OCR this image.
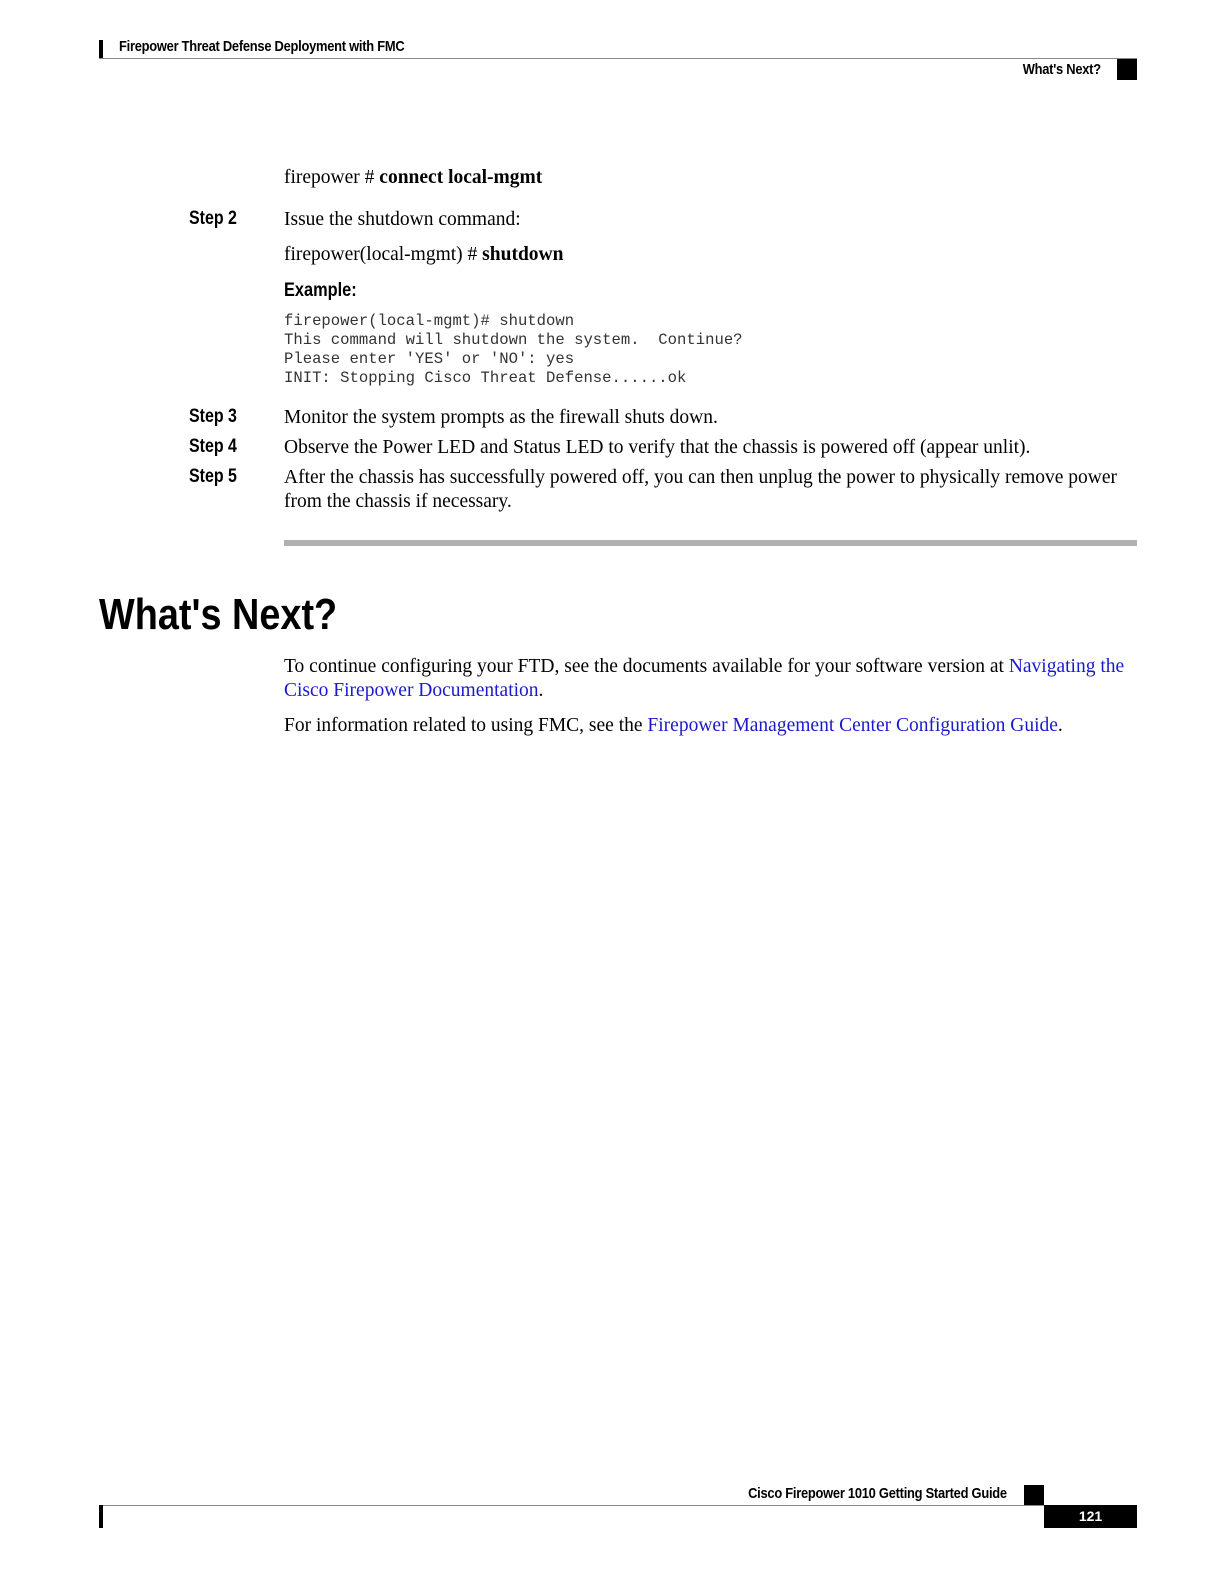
Firepower Threat Defense Deployment with FMC
What's Next?
firepower # connect local-mgmt
Step 2 Issue the shutdown command:
firepower(local-mgmt) # shutdown
Example:
firepower(local-mgmt)# shutdown
This command will shutdown the system.  Continue?
Please enter 'YES' or 'NO': yes
INIT: Stopping Cisco Threat Defense......ok
Step 3 Monitor the system prompts as the firewall shuts down.
Step 4 Observe the Power LED and Status LED to verify that the chassis is powered off (appear unlit).
Step 5 After the chassis has successfully powered off, you can then unplug the power to physically remove power
from the chassis if necessary.
What's Next?
To continue configuring your FTD, see the documents available for your software version at Navigating the
Cisco Firepower Documentation.
For information related to using FMC, see the Firepower Management Center Configuration Guide.
Cisco Firepower 1010 Getting Started Guide
121
